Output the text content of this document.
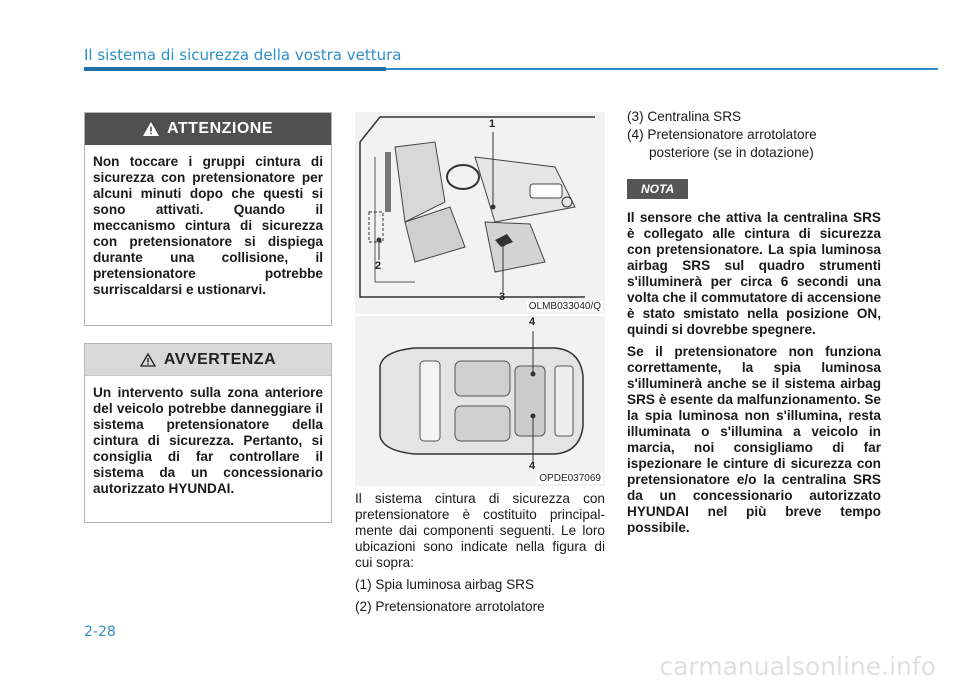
Il sistema di sicurezza della vostra vettura
ATTENZIONE
Non toccare i gruppi cintura di sicurezza con pretensionatore per alcuni minuti dopo che questi si sono attivati. Quando il meccanismo cintura di sicurezza con pretensionatore si dispiega durante una collisione, il pretensionatore potrebbe surriscaldarsi e ustionarvi.
AVVERTENZA
Un intervento sulla zona anteriore del veicolo potrebbe danneggiare il sistema pretensionatore della cintura di sicurezza. Pertanto, si consiglia di far controllare il sistema da un concessionario autorizzato HYUNDAI.
1
2
3
OLMB033040/Q
4
4
OPDE037069

Il sistema cintura di sicurezza con pretensionatore è costituito principal-mente dai componenti seguenti. Le loro ubicazioni sono indicate nella figura di cui sopra:

(1) Spia luminosa airbag SRS
(2) Pretensionatore arrotolatore
(3) Centralina SRS
(4) Pretensionatore arrotolatore
posteriore (se in dotazione)
NOTA

Il sensore che attiva la centralina SRS è collegato alle cintura di sicurezza con pretensionatore. La spia luminosa airbag SRS sul quadro strumenti s'illuminerà per circa 6 secondi una volta che il commutatore di accensione è stato smistato nella posizione ON, quindi si dovrebbe spegnere.

Se il pretensionatore non funziona correttamente, la spia luminosa s'illuminerà anche se il sistema airbag SRS è esente da malfunzionamento. Se la spia luminosa non s'illumina, resta illuminata o s'illumina a veicolo in marcia, noi consigliamo di far ispezionare le cinture di sicurezza con pretensionatore e/o la centralina SRS da un concessionario autorizzato HYUNDAI nel più breve tempo possibile.

2-28
carmanualsonline.info
